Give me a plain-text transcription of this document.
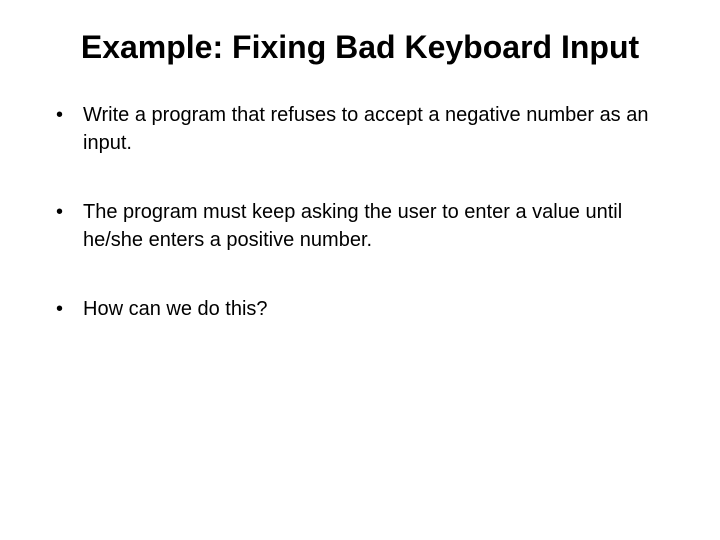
Example: Fixing Bad Keyboard Input
• Write a program that refuses to accept a negative number as an input.
• The program must keep asking the user to enter a value until he/she enters a positive number.
• How can we do this?
